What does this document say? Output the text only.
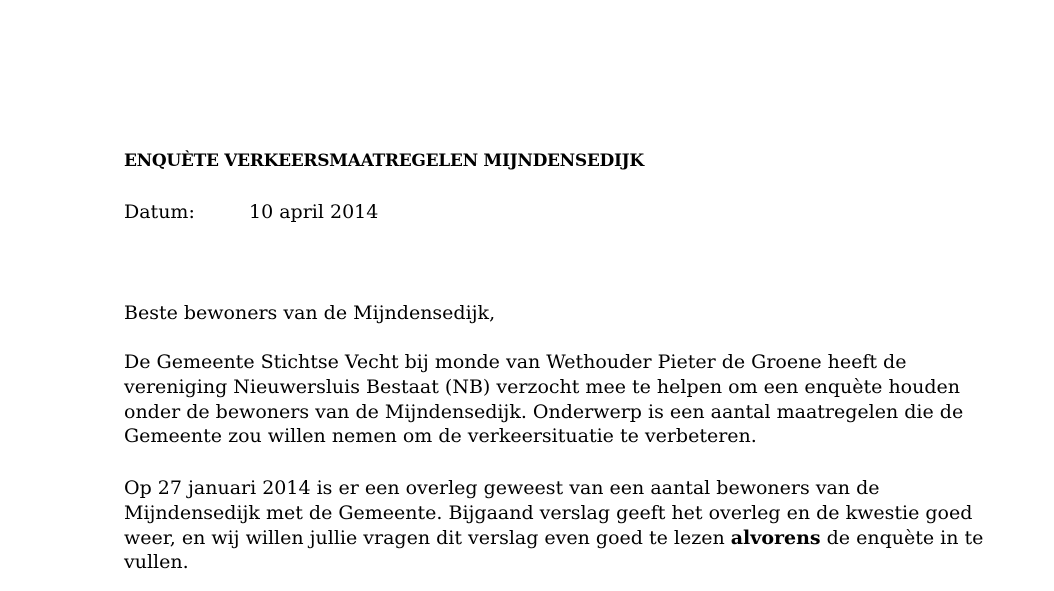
ENQUÈTE VERKEERSMAATREGELEN MIJNDENSEDIJK
Datum:	10 april 2014
Beste bewoners van de Mijndensedijk,
De Gemeente Stichtse Vecht bij monde van Wethouder Pieter de Groene heeft de
vereniging Nieuwersluis Bestaat (NB) verzocht mee te helpen om een enquète houden
onder de bewoners van de Mijndensedijk. Onderwerp is een aantal maatregelen die de
Gemeente zou willen nemen om de verkeersituatie te verbeteren.
Op 27 januari 2014 is er een overleg geweest van een aantal bewoners van de
Mijndensedijk met de Gemeente. Bijgaand verslag geeft het overleg en de kwestie goed
weer, en wij willen jullie vragen dit verslag even goed te lezen alvorens de enquète in te
vullen.
